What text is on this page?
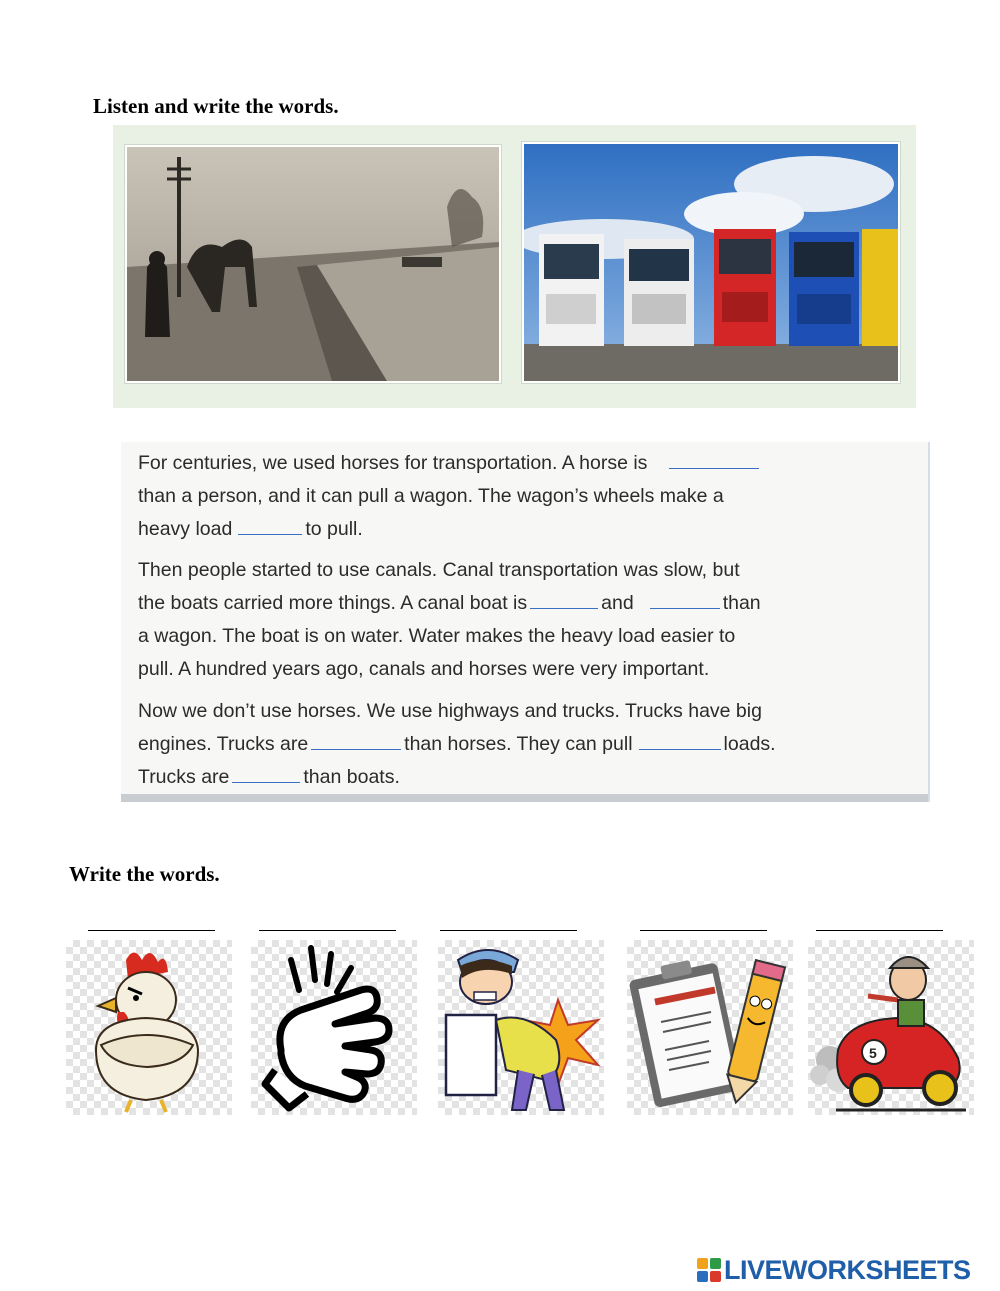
Listen and write the words.
For centuries, we used horses for transportation. A horse is
than a person, and it can pull a wagon. The wagon’s wheels make a
heavy load	to pull.
Then people started to use canals. Canal transportation was slow, but
the boats carried more things. A canal boat is	and	than
a wagon. The boat is on water. Water makes the heavy load easier to
pull. A hundred years ago, canals and horses were very important.
Now we don’t use horses. We use highways and trucks. Trucks have big
engines. Trucks are	than horses. They can pull	loads.
Trucks are	than boats.
Write the words.
5
LIVEWORKSHEETS
